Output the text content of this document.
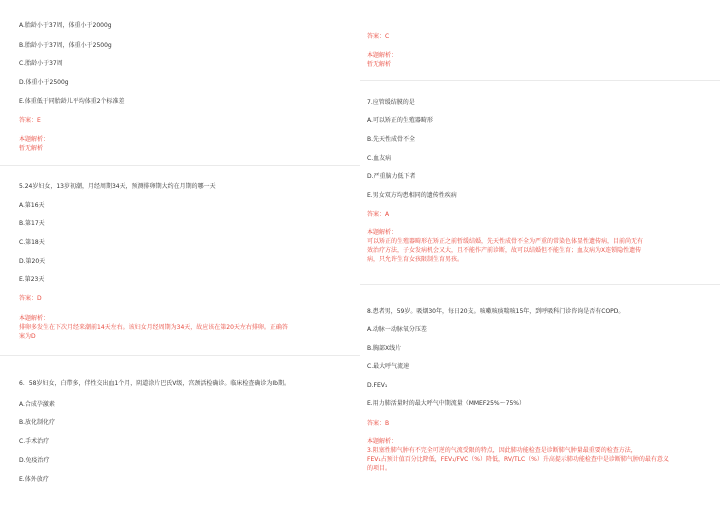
A.胎龄小于37周，体重小于2000g
B.胎龄小于37周，体重小于2500g
C.胎龄小于37周
D.体重小于2500g
E.体重低于同胎龄儿平均体重2个标准差
答案：E
本题解析：
暂无解析
5.24岁妇女，13岁初潮，月经周期34天，预测排卵期大约在月期的哪一天
A.第16天
B.第17天
C.第18天
D.第20天
E.第23天
答案：D
本题解析：
排卵多发生在下次月经来潮前14天左右。该妇女月经周期为34天，故应该在第20天左右排卵。正确答
案为D
6．58岁妇女，白带多，伴性交出血1个月，阴道涂片巴氏Ⅴ级，宫颈活检确诊。临床检查确诊为Ⅰb期。
A.合成孕激素
B.放化制化疗
C.手术治疗
D.免疫治疗
E.体外放疗
答案：C
本题解析：
暂无解析
7.应管缓结膜的是
A.可以矫正的生殖器畸形
B.先天性成骨不全
C.血友病
D.严重脑力低下者
E.男女双方均患相同的遗传性疾病
答案：A
本题解析：
可以矫正的生殖器畸形在矫正之前暂缓结婚，先天性成骨不全为严重的常染色体显性遗传病，目前尚无有
效治疗方法，子女发病机会又大，且不能作产前诊断，故可以结婚但不能生育；血友病为X连锁隐性遗传
病，只允许生育女孩限制生育男孩。
8.患者男，59岁。吸烟30年，每日20支。咳嗽咳痰喘咳15年，到呼吸科门诊咨询是否有COPD。
A.动脉一动脉氧分压差
B.胸部X线片
C.最大呼气流速
D.FEV₁
E.用力肺活量时的最大呼气中期流量（MMEF25%～75%）
答案：B
本题解析：
3.阻塞性肺气肿有不完全可逆的气流受限的特点，因此肺功能检查是诊断肺气肿量最重要的检查方法，
FEV₁占预计值百分比降低，FEV₁/FVC（%）降低，RV/TLC（%）升高提示肺功能检查中是诊断肺气肿的最有意义
的项目。
